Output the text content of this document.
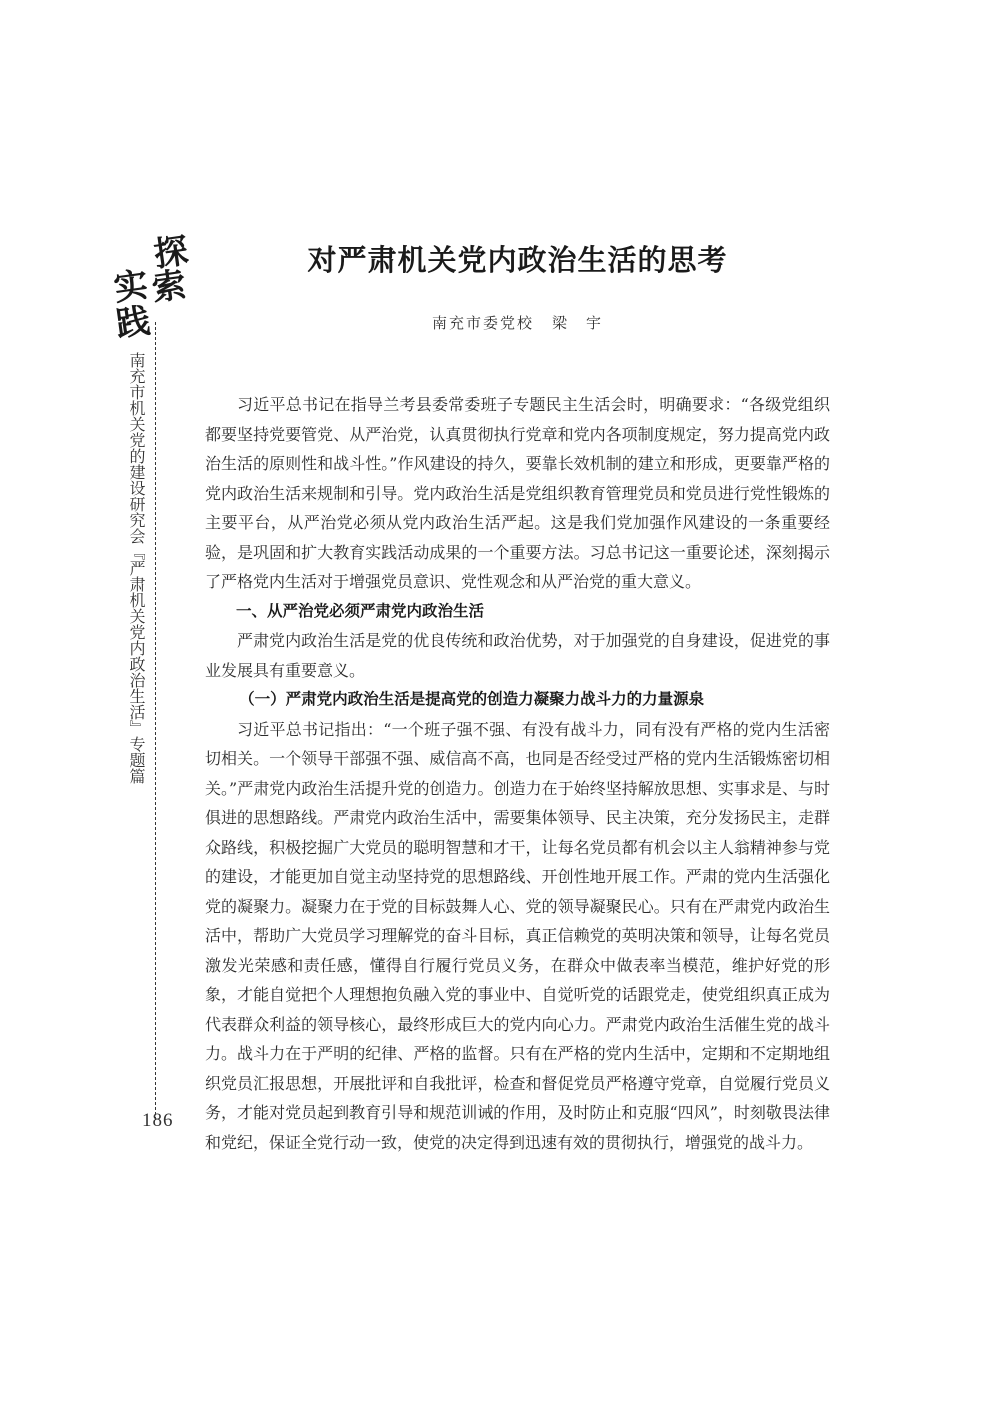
探
索
实
践
南充市机关党的建设研究会『严肃机关党内政治生活』专题篇
186
对严肃机关党内政治生活的思考
南充市委党校 梁　宇

习近平总书记在指导兰考县委常委班子专题民主生活会时，明确要求：“各级党组织都要坚持党要管党、从严治党，认真贯彻执行党章和党内各项制度规定，努力提高党内政治生活的原则性和战斗性。”作风建设的持久，要靠长效机制的建立和形成，更要靠严格的党内政治生活来规制和引导。党内政治生活是党组织教育管理党员和党员进行党性锻炼的主要平台，从严治党必须从党内政治生活严起。这是我们党加强作风建设的一条重要经验，是巩固和扩大教育实践活动成果的一个重要方法。习总书记这一重要论述，深刻揭示了严格党内生活对于增强党员意识、党性观念和从严治党的重大意义。

一、从严治党必须严肃党内政治生活

严肃党内政治生活是党的优良传统和政治优势，对于加强党的自身建设，促进党的事业发展具有重要意义。

（一）严肃党内政治生活是提高党的创造力凝聚力战斗力的力量源泉

习近平总书记指出：“一个班子强不强、有没有战斗力，同有没有严格的党内生活密切相关。一个领导干部强不强、威信高不高，也同是否经受过严格的党内生活锻炼密切相关。”严肃党内政治生活提升党的创造力。创造力在于始终坚持解放思想、实事求是、与时俱进的思想路线。严肃党内政治生活中，需要集体领导、民主决策，充分发扬民主，走群众路线，积极挖掘广大党员的聪明智慧和才干，让每名党员都有机会以主人翁精神参与党的建设，才能更加自觉主动坚持党的思想路线、开创性地开展工作。严肃的党内生活强化党的凝聚力。凝聚力在于党的目标鼓舞人心、党的领导凝聚民心。只有在严肃党内政治生活中，帮助广大党员学习理解党的奋斗目标，真正信赖党的英明决策和领导，让每名党员激发光荣感和责任感，懂得自行履行党员义务，在群众中做表率当模范，维护好党的形象，才能自觉把个人理想抱负融入党的事业中、自觉听党的话跟党走，使党组织真正成为代表群众利益的领导核心，最终形成巨大的党内向心力。严肃党内政治生活催生党的战斗力。战斗力在于严明的纪律、严格的监督。只有在严格的党内生活中，定期和不定期地组织党员汇报思想，开展批评和自我批评，检查和督促党员严格遵守党章，自觉履行党员义务，才能对党员起到教育引导和规范训诫的作用，及时防止和克服“四风”，时刻敬畏法律和党纪，保证全党行动一致，使党的决定得到迅速有效的贯彻执行，增强党的战斗力。
